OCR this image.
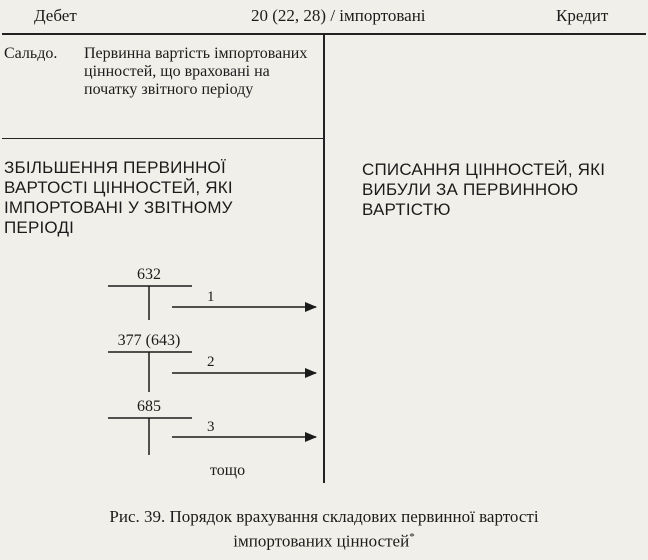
Дебет	20 (22, 28) / імпортовані	Кредит
Сальдо. Первинна вартість імпортованих цінностей, що враховані на початку звітного періоду
ЗБІЛЬШЕННЯ ПЕРВИННОЇ ВАРТОСТІ ЦІННОСТЕЙ, ЯКІ ІМПОРТОВАНІ У ЗВІТНОМУ ПЕРІОДІ
СПИСАННЯ ЦІННОСТЕЙ, ЯКІ ВИБУЛИ ЗА ПЕРВИННОЮ ВАРТІСТЮ
632
1
377 (643)
2
685
3
тощо
Рис. 39. Порядок врахування складових первинної вартості
імпортованих цінностей*
